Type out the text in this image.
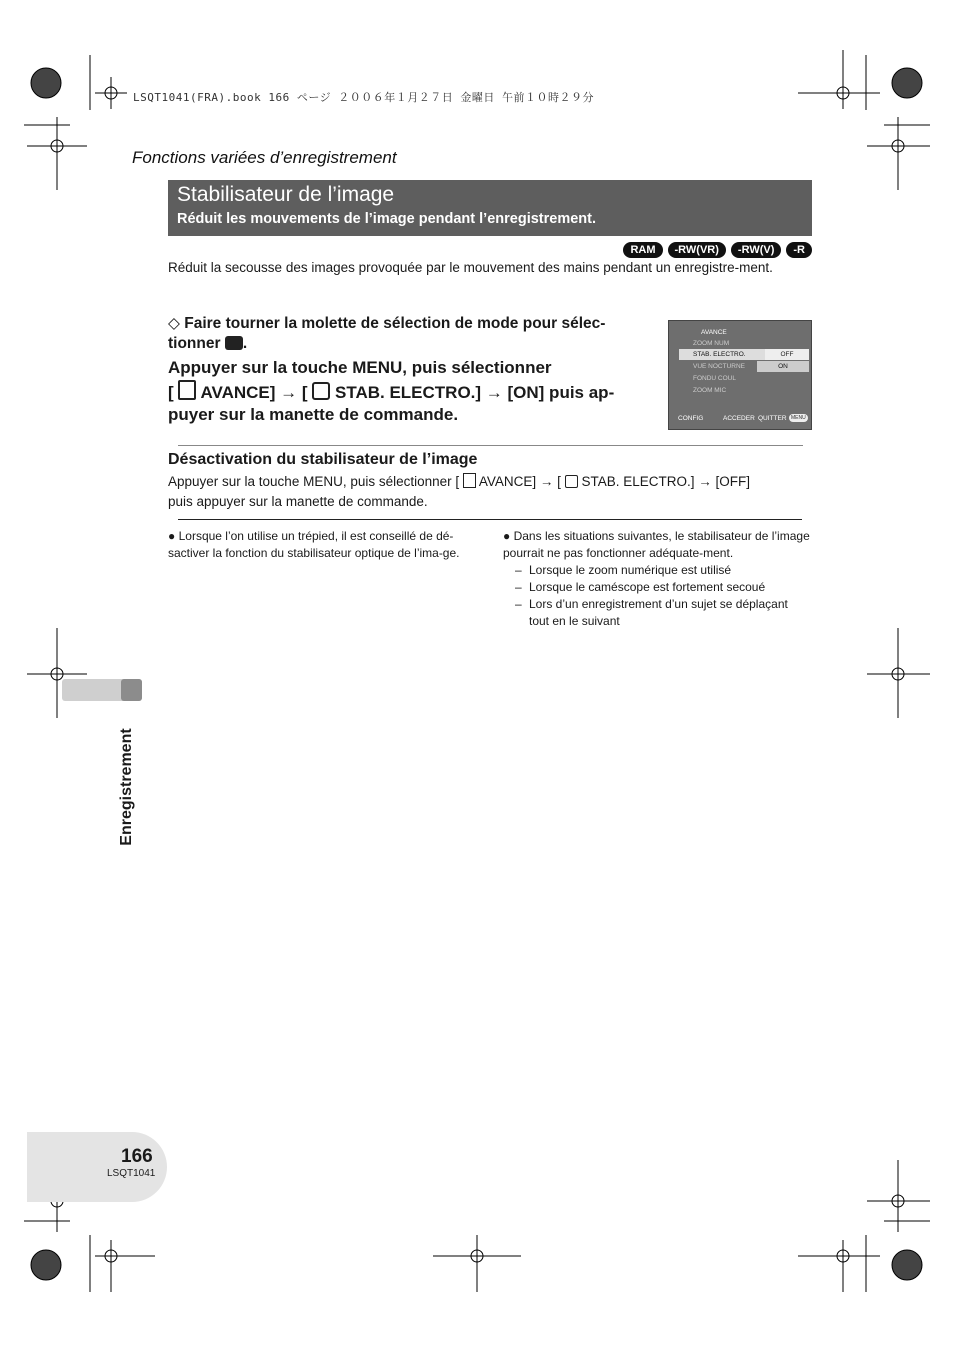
LSQT1041(FRA).book 166 ページ ２００６年１月２７日 金曜日 午前１０時２９分
Fonctions variées d’enregistrement
Stabilisateur de l’image
Réduit les mouvements de l’image pendant l’enregistrement.
RAM	-RW(VR)	-RW(V)	-R
Réduit la secousse des images provoquée par le mouvement des mains pendant un enregistre-ment.
◇ Faire tourner la molette de sélection de mode pour sélec-tionner .
Appuyer sur la touche MENU, puis sélectionner
[ AVANCE] → [ STAB. ELECTRO.] → [ON] puis ap-
puyer sur la manette de commande.
AVANCE
ZOOM NUM
STAB. ELECTRO.
VUE NOCTURNE
FONDU COUL
ZOOM MIC
OFF
ON
CONFIG	ACCEDER QUITTER MENU
Désactivation du stabilisateur de l’image
Appuyer sur la touche MENU, puis sélectionner [ AVANCE] → [ STAB. ELECTRO.] → [OFF]
puis appuyer sur la manette de commande.
● Lorsque l’on utilise un trépied, il est conseillé de dé-sactiver la fonction du stabilisateur optique de l’ima-ge.
● Dans les situations suivantes, le stabilisateur de l’image pourrait ne pas fonctionner adéquate-ment.
– Lorsque le zoom numérique est utilisé
– Lorsque le caméscope est fortement secoué
– Lors d’un enregistrement d’un sujet se déplaçant tout en le suivant
Enregistrement
166
LSQT1041
